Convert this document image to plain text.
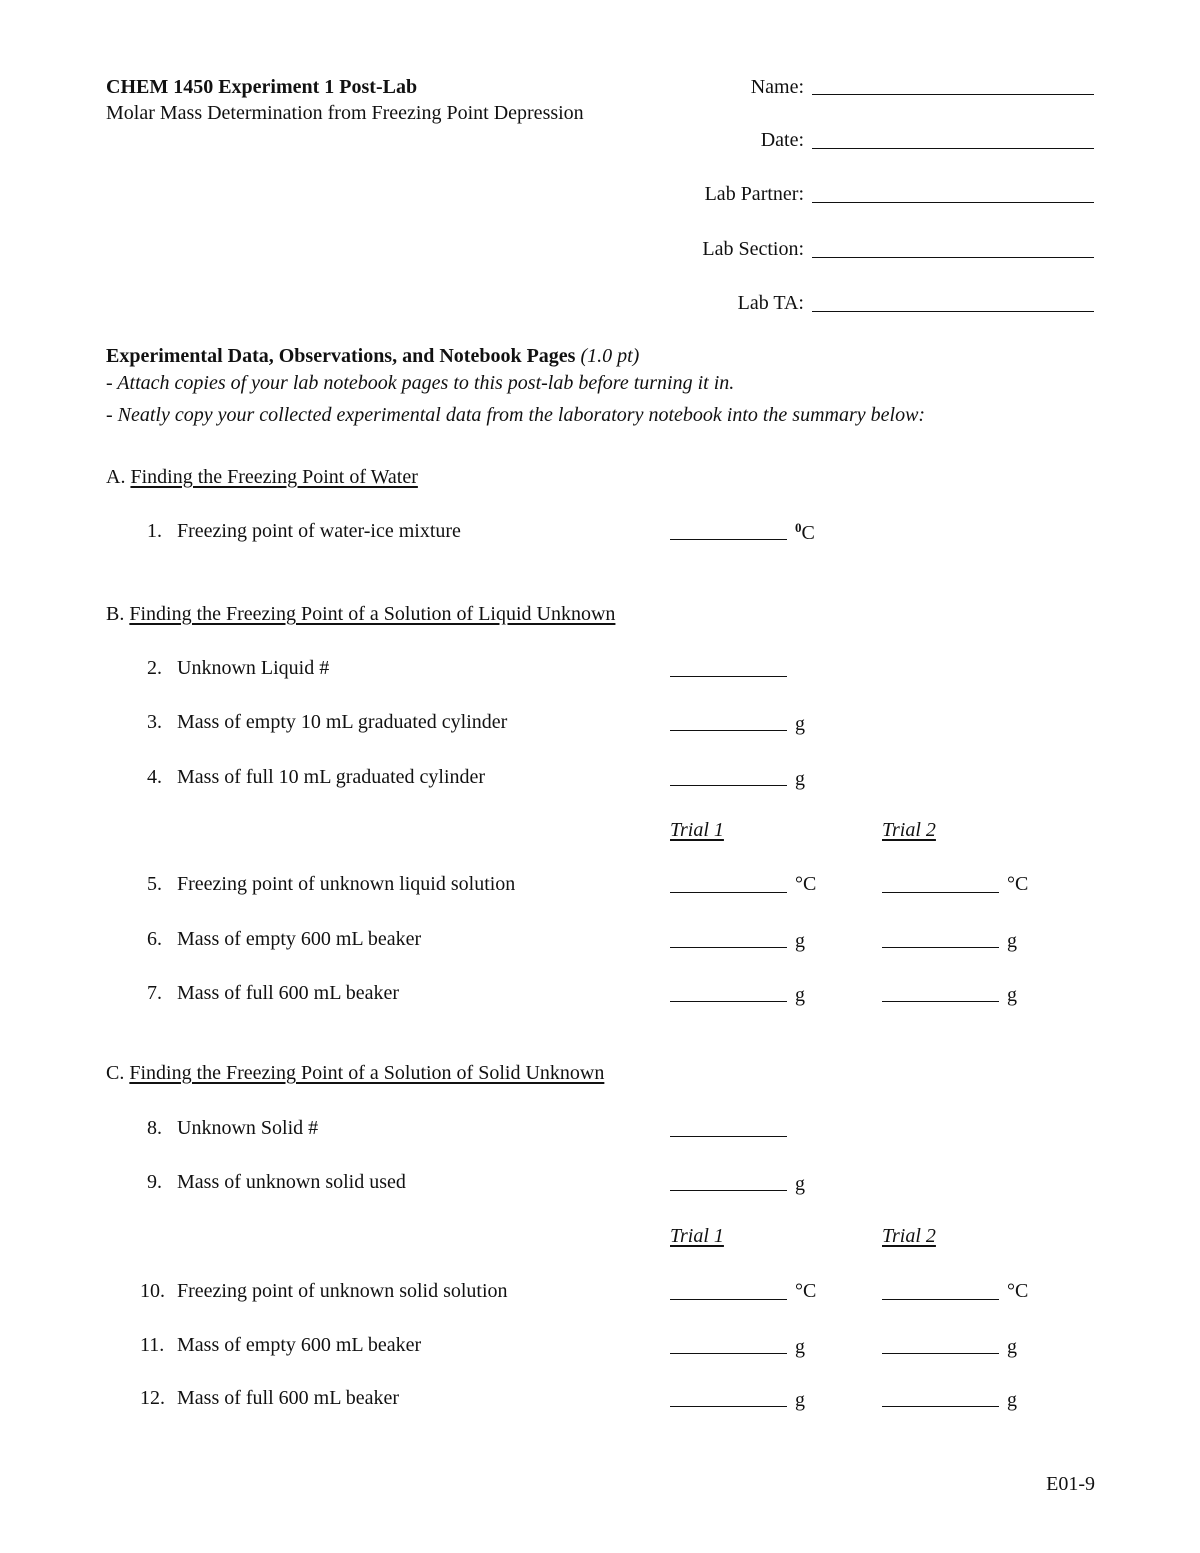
CHEM 1450 Experiment 1 Post-Lab
Molar Mass Determination from Freezing Point Depression
Name:
Date:
Lab Partner:
Lab Section:
Lab TA:
Experimental Data, Observations, and Notebook Pages (1.0 pt)
- Attach copies of your lab notebook pages to this post-lab before turning it in.
- Neatly copy your collected experimental data from the laboratory notebook into the summary below:
A. Finding the Freezing Point of Water
1. Freezing point of water-ice mixture	$^0$C
B. Finding the Freezing Point of a Solution of Liquid Unknown
2. Unknown Liquid #
3. Mass of empty 10 mL graduated cylinder	g
4. Mass of full 10 mL graduated cylinder	g
Trial 1	Trial 2
5. Freezing point of unknown liquid solution	°C	°C
6. Mass of empty 600 mL beaker	g	g
7. Mass of full 600 mL beaker	g	g
C. Finding the Freezing Point of a Solution of Solid Unknown
8. Unknown Solid #
9. Mass of unknown solid used	g
Trial 1	Trial 2
10. Freezing point of unknown solid solution	°C	°C
11. Mass of empty 600 mL beaker	g	g
12. Mass of full 600 mL beaker	g	g
E01-9
